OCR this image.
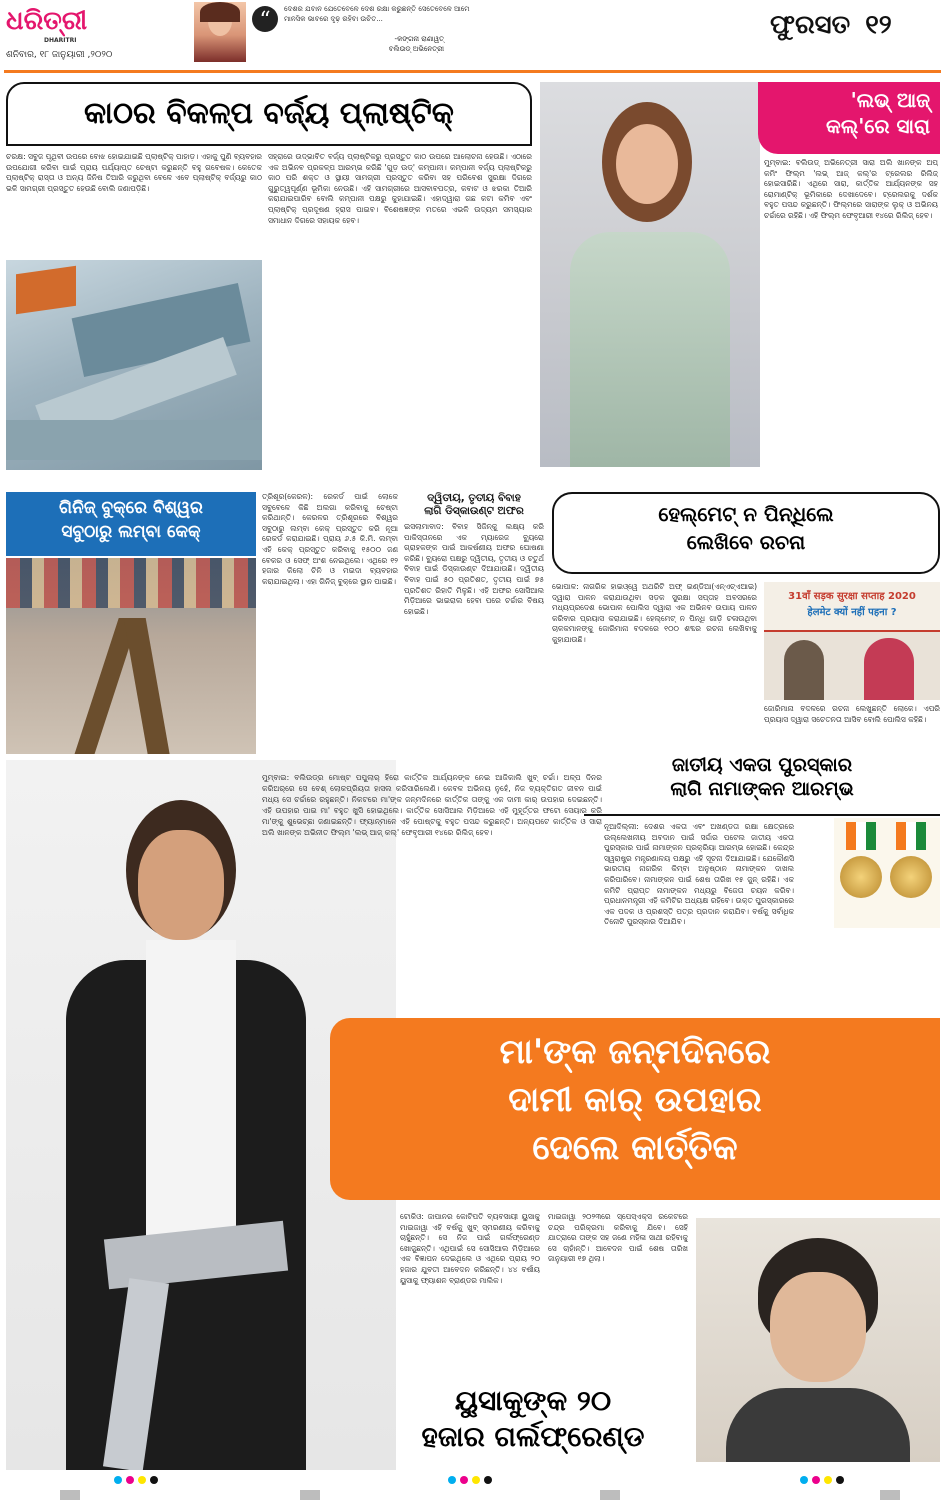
ଧରିତ୍ରୀ
DHARITRI
ଶନିବାର, ୧୮ ଜାନୁୟାରୀ ,୨୦୨୦
“	ଦେଶର ଯବାନ ଯେତେବେଳେ ଦେଶ ରକ୍ଷା କରୁଛନ୍ତି ସେତେବେଳେ ଆମେ ମାନସିକ ଭାବରେ ଦୃଢ଼ ରହିବା ଉଚିତ...
-କଙ୍ଗନା ରାଣାୱତ୍
ବଲିଉଡ୍ ଅଭିନେତ୍ରୀ
ଫୁରସତ ୧୨
କାଠର ବିକଳ୍ପ ବର୍ଜ୍ୟ ପ୍ଲାଷ୍ଟିକ୍
ଚରକ୍ଷ: ସବୁଜ ପୃଥିବୀ ଉପରେ ବୋଝ ହୋଇଯାଇଛି ପ୍ଲାଷ୍ଟିକ୍ ପାହାଡ଼। ଏହାକୁ ପୁଣି ବ୍ୟବହାର ଉପଯୋଗୀ କରିବା ପାଇଁ ପ୍ରାୟ ପର୍ଯ୍ୟାପ୍ତ ଚେଷ୍ଟା କରୁଛନ୍ତି ବହୁ ଗବେଷକ। କେତେକ ପ୍ଲାଷ୍ଟିକ୍ ରାସ୍ତା ଓ ଅନ୍ୟ ଜିନିଷ ତିଆରି କରୁଥିବା ବେଳେ ଏବେ ପ୍ଲାଷ୍ଟିକ୍ ବର୍ଜ୍ୟରୁ କାଠ ଭଳି ସାମଗ୍ରୀ ପ୍ରସ୍ତୁତ ହେଉଛି ବୋଲି ଜଣାପଡ଼ିଛି।
ସହ୍ରାରେ ଉଦ୍ଭାବିତ ବର୍ଜ୍ୟ ପ୍ଲାଷ୍ଟିକରୁ ପ୍ରସ୍ତୁତ କାଠ ଉପରେ ଆଲୋଚନା ହେଉଛି। ଏଠାରେ ଏକ ଅଭିନବ ପ୍ରକଳ୍ପ ଆରମ୍ଭ କରିଛି 'ଗୁଡ଼ ଉଡ୍' କମ୍ପାନୀ। କମ୍ପାନୀ ବର୍ଜ୍ୟ ପ୍ଲାଷ୍ଟିକରୁ କାଠ ପରି ଶକ୍ତ ଓ ସ୍ଥାୟୀ ସାମଗ୍ରୀ ପ୍ରସ୍ତୁତ କରିବା ସହ ପରିବେଶ ସୁରକ୍ଷା ଦିଗରେ ଗୁରୁତ୍ୱପୂର୍ଣ୍ଣ ଭୂମିକା ନେଉଛି। ଏହି ସାମଗ୍ରୀରେ ଆସବାବପତ୍ର, କବାଟ ଓ ଝରକା ତିଆରି କରାଯାଇପାରିବ ବୋଲି କମ୍ପାନୀ ପକ୍ଷରୁ କୁହାଯାଇଛି। ଏହାଦ୍ୱାରା ଗଛ କଟା କମିବ ଏବଂ ପ୍ଲାଷ୍ଟିକ୍ ପ୍ରଦୂଷଣ ହ୍ରାସ ପାଇବ। ବିଶେଷଜ୍ଞଙ୍କ ମତରେ ଏଭଳି ଉଦ୍ୟମ ସମସ୍ୟାର ସମାଧାନ ଦିଗରେ ସହାୟକ ହେବ।
'ଲଭ୍ ଆଜ୍
କଲ୍'ରେ ସାରା
ମୁମ୍ବାଇ: ବଲିଉଡ୍ ଅଭିନେତ୍ରୀ ସାରା ଅଲି ଖାନଙ୍କ ଅପ୍ କମିଂ ଫିଲ୍ମ 'ଲଭ୍ ଆଜ୍ କଲ୍'ର ଟ୍ରେଲର ରିଲିଜ୍ ହୋଇସାରିଛି। ଏଥିରେ ସାରା, କାର୍ତ୍ତିକ ଆର୍ଯ୍ୟନଙ୍କ ସହ ରୋମାଣ୍ଟିକ୍ ଭୂମିକାରେ ଦେଖାଦେବେ। ଟ୍ରେଲରକୁ ଦର୍ଶକ ବହୁତ ପସନ୍ଦ କରୁଛନ୍ତି। ଫିଲ୍ମରେ ସାରାଙ୍କ ଲୁକ୍ ଓ ଅଭିନୟ ଚର୍ଚ୍ଚାରେ ରହିଛି। ଏହି ଫିଲ୍ମ ଫେବୃଆରୀ ୧୪ରେ ରିଲିଜ୍ ହେବ।
ଗିନିଜ୍ ବୁକ୍‌ରେ ବିଶ୍ୱର
ସବୁଠାରୁ ଲମ୍ବା କେକ୍
ତ୍ରିଶୂର(କେରଳ): ରେକର୍ଡ ପାଇଁ ଲୋକେ ସବୁବେଳେ କିଛି ଅଲଗା କରିବାକୁ ଚେଷ୍ଟା କରିଥାନ୍ତି। କେରଳର ତ୍ରିଶୂରରେ ବିଶ୍ୱର ସବୁଠାରୁ ଲମ୍ବା କେକ୍ ପ୍ରସ୍ତୁତ କରି ନୂଆ ରେକର୍ଡ କରାଯାଇଛି। ପ୍ରାୟ ୬.୫ କି.ମି. ଲମ୍ବା ଏହି କେକ୍ ପ୍ରସ୍ତୁତ କରିବାକୁ ୧୫୦୦ ଜଣ ବେକର ଓ ସେଫ୍ ଅଂଶ ନେଇଥିଲେ। ଏଥିରେ ୧୨ ହଜାର କିଲୋ ଚିନି ଓ ମଇଦା ବ୍ୟବହାର କରାଯାଇଥିଲା। ଏହା ଗିନିଜ୍ ବୁକ୍‌ରେ ସ୍ଥାନ ପାଇଛି।
ଦ୍ୱିତୀୟ, ତୃତୀୟ ବିବାହ
ଲାଗି ଡିସ୍‌କାଉଣ୍ଟ ଅଫର
ଇସଲାମାବାଦ: ବିବାହ ସିଜିନ୍‌କୁ ଲକ୍ଷ୍ୟ କରି ପାକିସ୍ତାନରେ ଏକ ମ୍ୟାରେଜ ବ୍ୟୁରୋ ଗ୍ରାହକଙ୍କ ପାଇଁ ଆକର୍ଷଣୀୟ ଅଫର ଘୋଷଣା କରିଛି। ବ୍ୟୁରୋ ପକ୍ଷରୁ ଦ୍ୱିତୀୟ, ତୃତୀୟ ଓ ଚତୁର୍ଥ ବିବାହ ପାଇଁ ଡିସ୍‌କାଉଣ୍ଟ ଦିଆଯାଉଛି। ଦ୍ୱିତୀୟ ବିବାହ ପାଇଁ ୫୦ ପ୍ରତିଶତ, ତୃତୀୟ ପାଇଁ ୭୫ ପ୍ରତିଶତ ରିହାତି ମିଳୁଛି। ଏହି ଅଫର ସୋସିଆଲ ମିଡ଼ିଆରେ ଭାଇରାଲ ହେବା ପରେ ଚର୍ଚ୍ଚାର ବିଷୟ ହୋଇଛି।
ହେଲ୍‌ମେଟ୍ ନ ପିନ୍ଧିଲେ
ଲେଖିବେ ରଚନା
ଭୋପାଳ: ନାଗରିକ ହାଇଓ୍ୱେ ଅଥରିଟି ଅଫ୍ ଇଣ୍ଡିଆ(ଏନ୍‌ଏଚ୍‌ଏଆଇ) ଦ୍ୱାରା ପାଳନ କରାଯାଉଥିବା ସଡ଼କ ସୁରକ୍ଷା ସପ୍ତାହ ଅବସରରେ ମଧ୍ୟପ୍ରଦେଶ ଭୋପାଳ ପୋଲିସ ଦ୍ୱାରା ଏକ ଅଭିନବ ଉପାୟ ପାଳନ କରିବାର ପ୍ରୟାସ କରାଯାଇଛି। ହେଲ୍‌ମେଟ୍ ନ ପିନ୍ଧି ଗାଡ଼ି ଚଳାଉଥିବା ଚାଳକମାନଙ୍କୁ ଜୋରିମାନା ବଦଳରେ ୧୦୦ ଶବ୍ଦର ରଚନା ଲେଖିବାକୁ କୁହାଯାଉଛି।
31वाँ सड़क सुरक्षा सप्ताह 2020
हेलमेट क्यों नहीं पहना ?
ଜୋରିମାନା ବଦଳରେ ରଚନା ଲେଖୁଛନ୍ତି ଲୋକେ। ଏପରି ପ୍ରୟାସ ଦ୍ୱାରା ସଚେତନତା ଆସିବ ବୋଲି ପୋଲିସ କହିଛି।
ଜାତୀୟ ଏକତା ପୁରସ୍କାର
ଲାଗି ନାମାଙ୍କନ ଆରମ୍ଭ
ନୂଆଦିଲ୍ଲୀ: ଦେଶର ଏକତା ଏବଂ ଅଖଣ୍ଡତା ରକ୍ଷା କ୍ଷେତ୍ରରେ ଉଲ୍ଲେଖନୀୟ ଅବଦାନ ପାଇଁ ସର୍ଦ୍ଦାର ପଟେଲ ଜାତୀୟ ଏକତା ପୁରସ୍କାର ପାଇଁ ନାମାଙ୍କନ ପ୍ରକ୍ରିୟା ଆରମ୍ଭ ହୋଇଛି। କେନ୍ଦ୍ର ସ୍ୱରାଷ୍ଟ୍ର ମନ୍ତ୍ରଣାଳୟ ପକ୍ଷରୁ ଏହି ସୂଚନା ଦିଆଯାଇଛି। ଯେକୌଣସି ଭାରତୀୟ ନାଗରିକ କିମ୍ବା ଅନୁଷ୍ଠାନ ନାମାଙ୍କନ ଦାଖଲ କରିପାରିବେ। ନାମାଙ୍କନ ପାଇଁ ଶେଷ ତାରିଖ ୧୫ ଜୁନ୍ ରହିଛି। ଏକ କମିଟି ପ୍ରାପ୍ତ ନାମାଙ୍କନ ମଧ୍ୟରୁ ବିଜେତା ଚୟନ କରିବ। ପ୍ରଧାନମନ୍ତ୍ରୀ ଏହି କମିଟିର ଅଧ୍ୟକ୍ଷ ରହିବେ। ଉକ୍ତ ପୁରସ୍କାରରେ ଏକ ପଦକ ଓ ପ୍ରଶସ୍ତି ପତ୍ର ପ୍ରଦାନ କରାଯିବ। ବର୍ଷକୁ ସର୍ବାଧିକ ତିନୋଟି ପୁରସ୍କାର ଦିଆଯିବ।
ମୁମ୍ବାଇ: ବଲିଉଡ୍‌ର ମୋଷ୍ଟ ପପୁଲାର୍ ହିରୋ କାର୍ତ୍ତିକ ଆର୍ଯ୍ୟନଙ୍କ ନେଇ ଆଜିକାଲି ଖୁବ୍ ଚର୍ଚ୍ଚା। ଅଳ୍ପ ଦିନର କରିଅର୍‌ରେ ସେ ବେଶ୍ ଲୋକପ୍ରିୟତା ହାସଲ କରିସାରିଲେଣି। କେବଳ ଅଭିନୟ ନୁହେଁ, ନିଜ ବ୍ୟକ୍ତିଗତ ଜୀବନ ପାଇଁ ମଧ୍ୟ ସେ ଚର୍ଚ୍ଚାରେ ରହୁଛନ୍ତି। ନିକଟରେ ମା'ଙ୍କ ଜନ୍ମଦିନରେ କାର୍ତ୍ତିକ ତାଙ୍କୁ ଏକ ଦାମୀ କାର୍ ଉପହାର ଦେଇଛନ୍ତି। ଏହି ଉପହାର ପାଇ ମା' ବହୁତ ଖୁସି ହୋଇଥିଲେ। କାର୍ତ୍ତିକ ସୋସିଆଲ ମିଡ଼ିଆରେ ଏହି ମୁହୂର୍ତ୍ତର ଫଟୋ ସେୟାର କରି ମା'ଙ୍କୁ ଶୁଭେଚ୍ଛା ଜଣାଇଛନ୍ତି। ଫ୍ୟାନ୍‌ମାନେ ଏହି ପୋଷ୍ଟକୁ ବହୁତ ପସନ୍ଦ କରୁଛନ୍ତି। ଅନ୍ୟପଟେ କାର୍ତ୍ତିକ ଓ ସାରା ଅଲି ଖାନଙ୍କ ଅଭିନୀତ ଫିଲ୍ମ 'ଲଭ୍ ଆଜ୍ କଲ୍' ଫେବୃଆରୀ ୧୪ରେ ରିଲିଜ୍ ହେବ।
ମା'ଙ୍କ ଜନ୍ମଦିନରେ
ଦାମୀ କାର୍ ଉପହାର
ଦେଲେ କାର୍ତ୍ତିକ
ଟୋକିଓ: ଜାପାନର କୋଟିପତି ବ୍ୟବସାୟୀ ୟୁସାକୁ ମାଇଜାୱା ଏହି ବର୍ଷକୁ ଖୁବ୍ ସ୍ମରଣୀୟ କରିବାକୁ ଚାହୁଁଛନ୍ତି। ସେ ନିଜ ପାଇଁ ଗର୍ଲଫ୍ରେଣ୍ଡ ଖୋଜୁଛନ୍ତି। ଏଥିପାଇଁ ସେ ସୋସିଆଲ ମିଡ଼ିଆରେ ଏକ ବିଜ୍ଞାପନ ଦେଇଥିଲେ ଓ ଏଥିରେ ପ୍ରାୟ ୨୦ ହଜାର ଯୁବତୀ ଆବେଦନ କରିଛନ୍ତି। ୪୪ ବର୍ଷୀୟ ୟୁସାକୁ ଫ୍ୟାଶନ ବ୍ରାଣ୍ଡର ମାଲିକ।
ମାଇଜାୱା ୨୦୨୩ରେ ସ୍ପେସ୍‌ଏକ୍ସ ରକେଟରେ ଚନ୍ଦ୍ର ପରିକ୍ରମା କରିବାକୁ ଯିବେ। ସେହି ଯାତ୍ରାରେ ତାଙ୍କ ସହ ଜଣେ ମହିଳା ସାଥୀ ରହିବାକୁ ସେ ଚାହାଁନ୍ତି। ଆବେଦନ ପାଇଁ ଶେଷ ତାରିଖ ଜାନୁୟାରୀ ୧୭ ଥିଲା।
ୟୁସାକୁଙ୍କ ୨୦
ହଜାର ଗର୍ଲଫ୍ରେଣ୍ଡ
